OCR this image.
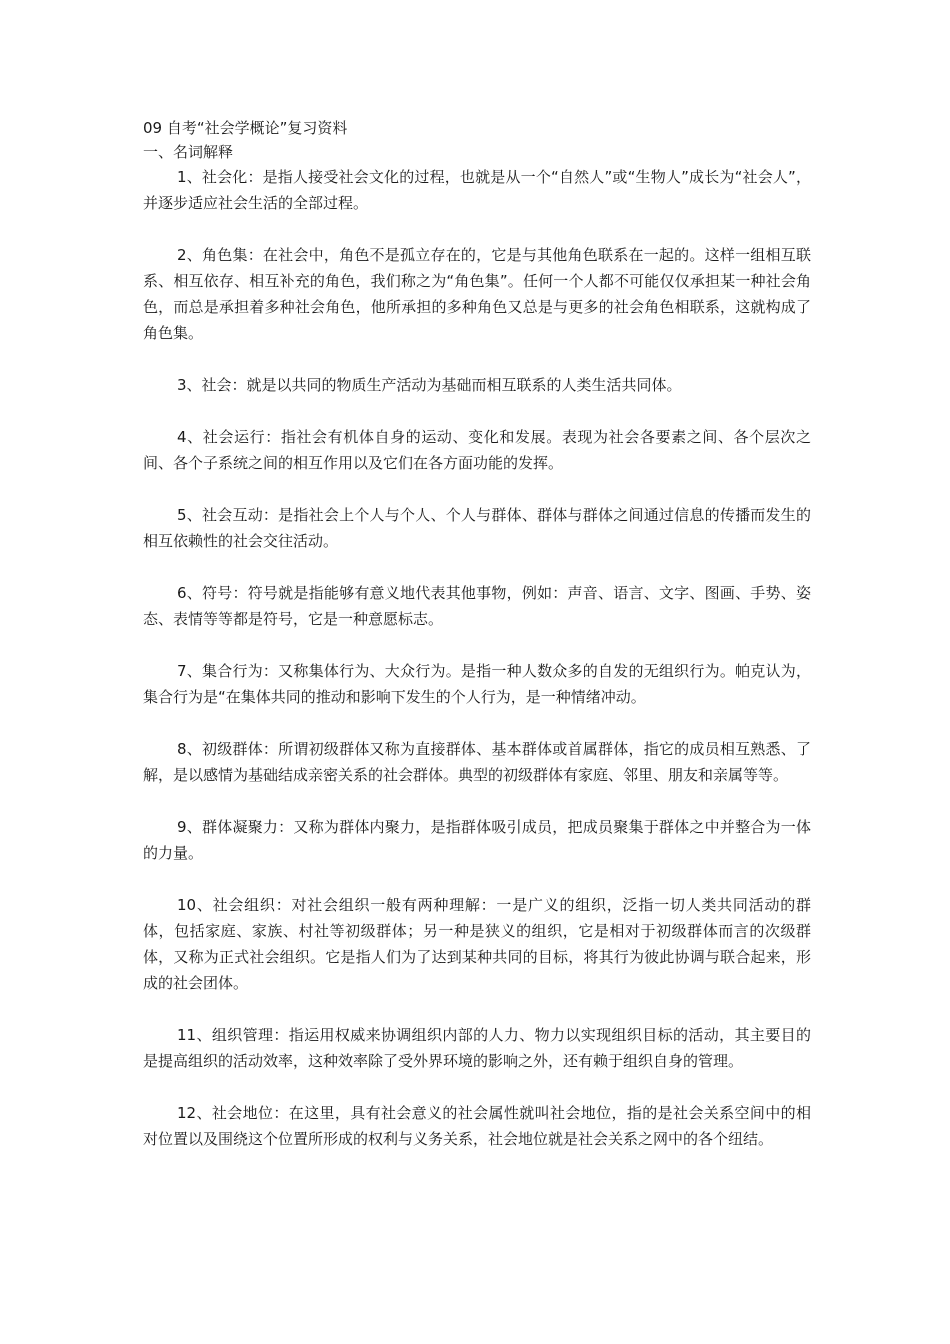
09 自考“社会学概论”复习资料

一、名词解释

1、社会化：是指人接受社会文化的过程，也就是从一个“自然人”或“生物人”成长为“社会人”，并逐步适应社会生活的全部过程。

2、角色集：在社会中，角色不是孤立存在的，它是与其他角色联系在一起的。这样一组相互联系、相互依存、相互补充的角色，我们称之为“角色集”。任何一个人都不可能仅仅承担某一种社会角色，而总是承担着多种社会角色，他所承担的多种角色又总是与更多的社会角色相联系，这就构成了角色集。

3、社会：就是以共同的物质生产活动为基础而相互联系的人类生活共同体。

4、社会运行：指社会有机体自身的运动、变化和发展。表现为社会各要素之间、各个层次之间、各个子系统之间的相互作用以及它们在各方面功能的发挥。

5、社会互动：是指社会上个人与个人、个人与群体、群体与群体之间通过信息的传播而发生的相互依赖性的社会交往活动。

6、符号：符号就是指能够有意义地代表其他事物，例如：声音、语言、文字、图画、手势、姿态、表情等等都是符号，它是一种意愿标志。

7、集合行为：又称集体行为、大众行为。是指一种人数众多的自发的无组织行为。帕克认为，集合行为是“在集体共同的推动和影响下发生的个人行为，是一种情绪冲动。

8、初级群体：所谓初级群体又称为直接群体、基本群体或首属群体，指它的成员相互熟悉、了解，是以感情为基础结成亲密关系的社会群体。典型的初级群体有家庭、邻里、朋友和亲属等等。

9、群体凝聚力：又称为群体内聚力，是指群体吸引成员，把成员聚集于群体之中并整合为一体的力量。

10、社会组织：对社会组织一般有两种理解：一是广义的组织，泛指一切人类共同活动的群体，包括家庭、家族、村社等初级群体；另一种是狭义的组织，它是相对于初级群体而言的次级群体，又称为正式社会组织。它是指人们为了达到某种共同的目标，将其行为彼此协调与联合起来，形成的社会团体。

11、组织管理：指运用权威来协调组织内部的人力、物力以实现组织目标的活动，其主要目的是提高组织的活动效率，这种效率除了受外界环境的影响之外，还有赖于组织自身的管理。

12、社会地位：在这里，具有社会意义的社会属性就叫社会地位，指的是社会关系空间中的相对位置以及围绕这个位置所形成的权利与义务关系，社会地位就是社会关系之网中的各个纽结。
